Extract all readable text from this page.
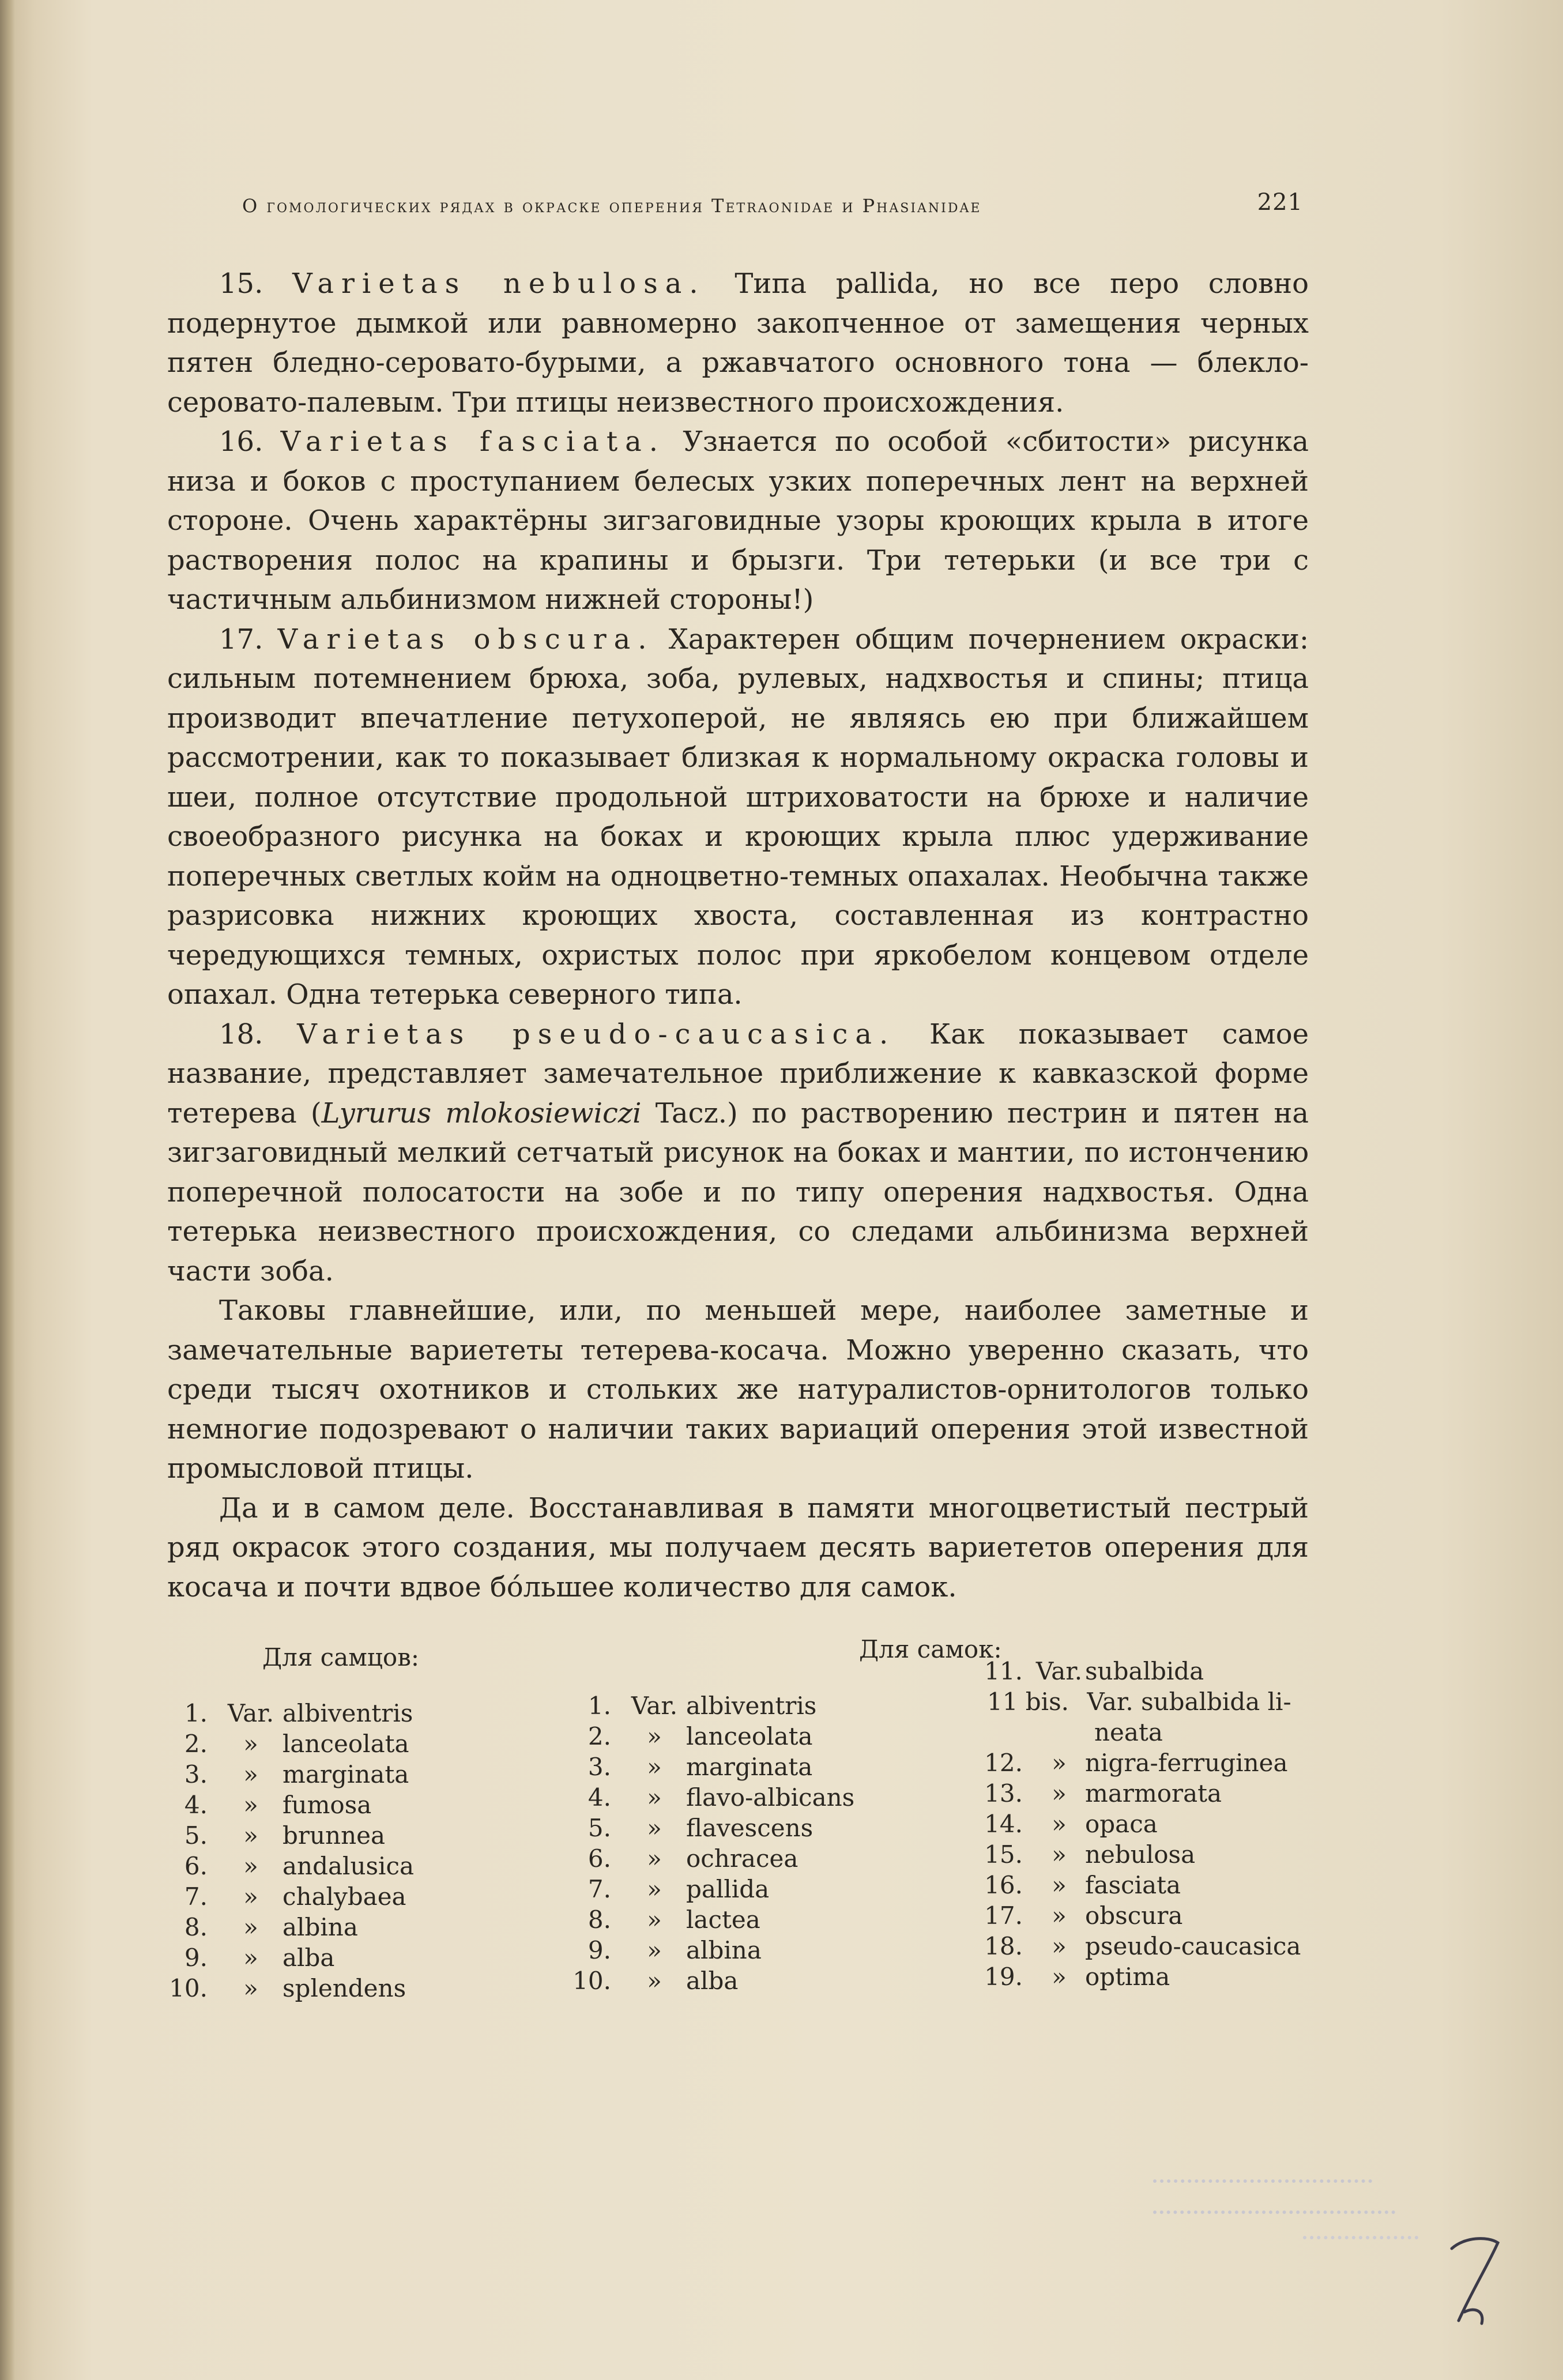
О гомологических рядах в окраске оперения Tetraonidae и Phasianidae	221

15. Varietas nebulosa. Типа pallida, но все перо словно подернутое дымкой или равномерно закопченное от замещения черных пятен бледно-серовато-бурыми, а ржавчатого основного тона — блекло-серовато-палевым. Три птицы неизвестного происхождения.

16. Varietas fasciata. Узнается по особой «сбитости» рисунка низа и боков с проступанием белесых узких поперечных лент на верхней стороне. Очень характёрны зигзаговидные узоры кроющих крыла в итоге растворения полос на крапины и брызги. Три тетерьки (и все три с частичным альбинизмом нижней стороны!)

17. Varietas obscura. Характерен общим почернением окраски: сильным потемнением брюха, зоба, рулевых, надхвостья и спины; птица производит впечатление петухоперой, не являясь ею при ближайшем рассмотрении, как то показывает близкая к нормальному окраска головы и шеи, полное отсутствие продольной штриховатости на брюхе и наличие своеобразного рисунка на боках и кроющих крыла плюс удерживание поперечных светлых койм на одноцветно-темных опахалах. Необычна также разрисовка нижних кроющих хвоста, составленная из контрастно чередующихся темных, охристых полос при яркобелом концевом отделе опахал. Одна тетерька северного типа.

18. Varietas pseudo-caucasica. Как показывает самое название, представляет замечательное приближение к кавказской форме тетерева (Lyrurus mlokosiewiczi Tacz.) по растворению пестрин и пятен на зигзаговидный мелкий сетчатый рисунок на боках и мантии, по истончению поперечной полосатости на зобе и по типу оперения надхвостья. Одна тетерька неизвестного происхождения, со следами альбинизма верхней части зоба.

Таковы главнейшие, или, по меньшей мере, наиболее заметные и замечательные вариететы тетерева-косача. Можно уверенно сказать, что среди тысяч охотников и стольких же натуралистов-орнитологов только немногие подозревают о наличии таких вариаций оперения этой известной промысловой птицы.

Да и в самом деле. Восстанавливая в памяти многоцветистый пестрый ряд окрасок этого создания, мы получаем десять вариететов оперения для косача и почти вдвое бо́льшее количество для самок.

Для самцов:	Для самок:
1. Var. albiventris
2. » lanceolata
3. » marginata
4. » fumosa
5. » brunnea
6. » andalusica
7. » chalybaea
8. » albina
9. » alba
10. » splendens
1. Var. albiventris
2. » lanceolata
3. » marginata
4. » flavo-albicans
5. » flavescens
6. » ochracea
7. » pallida
8. » lactea
9. » albina
10. » alba
11. Var. subalbida
11 bis. Var. subalbida li-
neata
12. » nigra-ferruginea
13. » marmorata
14. » opaca
15. » nebulosa
16. » fasciata
17. » obscura
18. » pseudo-caucasica
19. » optima
